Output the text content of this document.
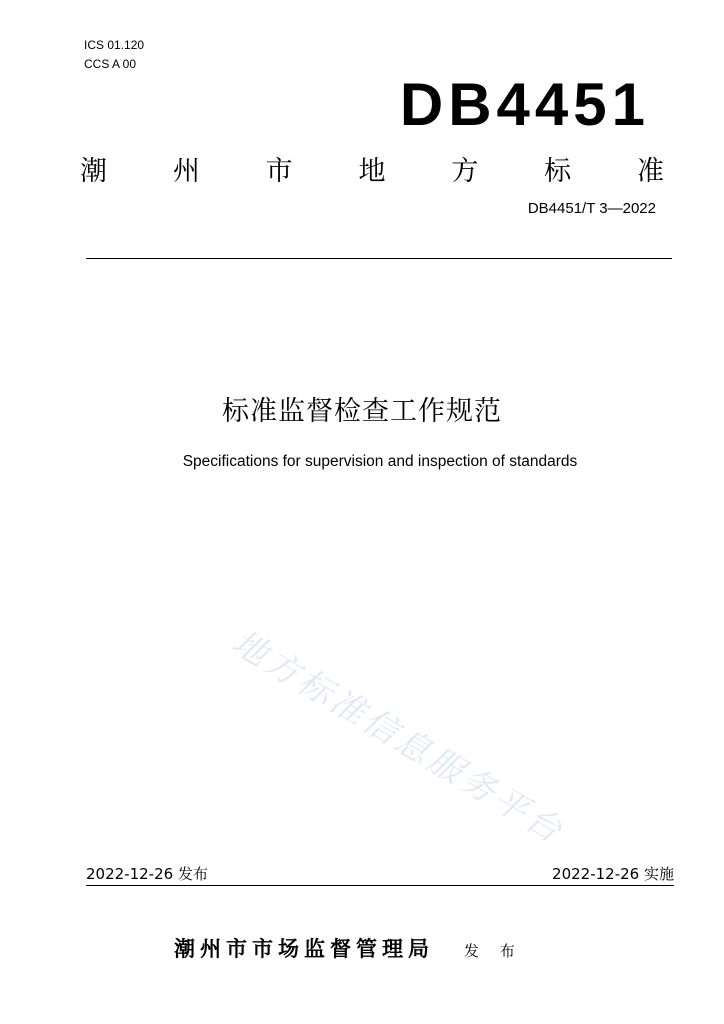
ICS 01.120
CCS A 00
DB4451
潮 州 市 地 方 标 准
DB4451/T 3—2022
标准监督检查工作规范
Specifications for supervision and inspection of standards
地方标准信息服务平台
2022-12-26 发布	2022-12-26 实施
潮州市市场监督管理局 发 布
